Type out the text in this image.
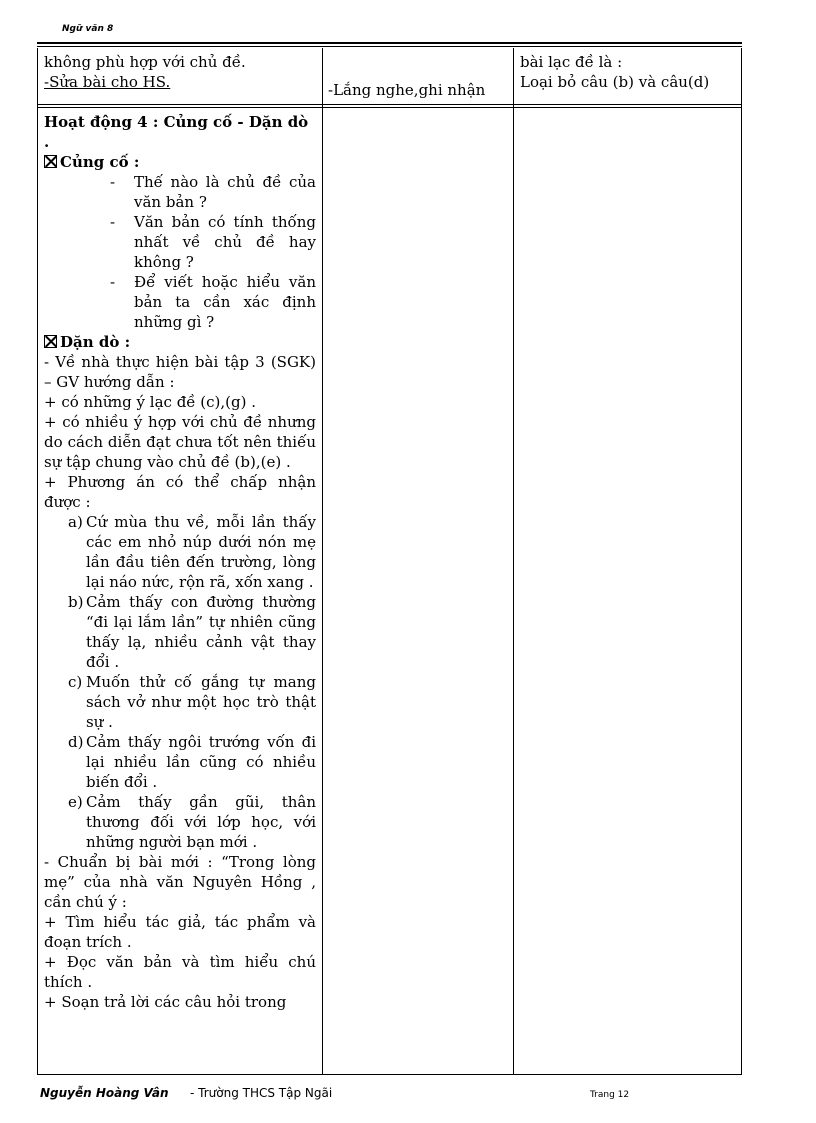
Ngữ văn 8
không phù hợp với chủ đề.
-Sửa bài cho HS.	-Lắng nghe,ghi nhận
bài lạc đề là :
Loại bỏ câu (b) và câu(d)
Hoạt động 4 : Củng cố - Dặn dò .
Củng cố :
- Thế nào là chủ đề của văn bản ?
- Văn bản có tính thống nhất về chủ đề hay không ?
- Để viết hoặc hiểu văn bản ta cần xác định những gì ?
Dặn dò :
- Về nhà thực hiện bài tập 3 (SGK) – GV hướng dẫn :
+ có những ý lạc đề (c),(g) .
+ có nhiều ý hợp với chủ đề nhưng do cách diễn đạt chưa tốt nên thiếu sự tập chung vào chủ đề (b),(e) .
+ Phương án có thể chấp nhận được :
a) Cứ mùa thu về, mỗi lần thấy các em nhỏ núp dưới nón mẹ lần đầu tiên đến trường, lòng lại náo nức, rộn rã, xốn xang .
b) Cảm thấy con đường thường “đi lại lắm lần” tự nhiên cũng thấy lạ, nhiều cảnh vật thay đổi .
c) Muốn thử cố gắng tự mang sách vở như một học trò thật sự .
d) Cảm thấy ngôi trướng vốn đi lại nhiều lần cũng có nhiều biến đổi .
e) Cảm thấy gần gũi, thân thương đối với lớp học, với những người bạn mới .
- Chuẩn bị bài mới : “Trong lòng mẹ” của nhà văn Nguyên Hồng , cần chú ý :
+ Tìm hiểu tác giả, tác phẩm và đoạn trích .
+ Đọc văn bản và tìm hiểu chú thích .
+ Soạn trả lời các câu hỏi trong
Nguyễn Hoàng Vân - Trường THCS Tập Ngãi	Trang 12
